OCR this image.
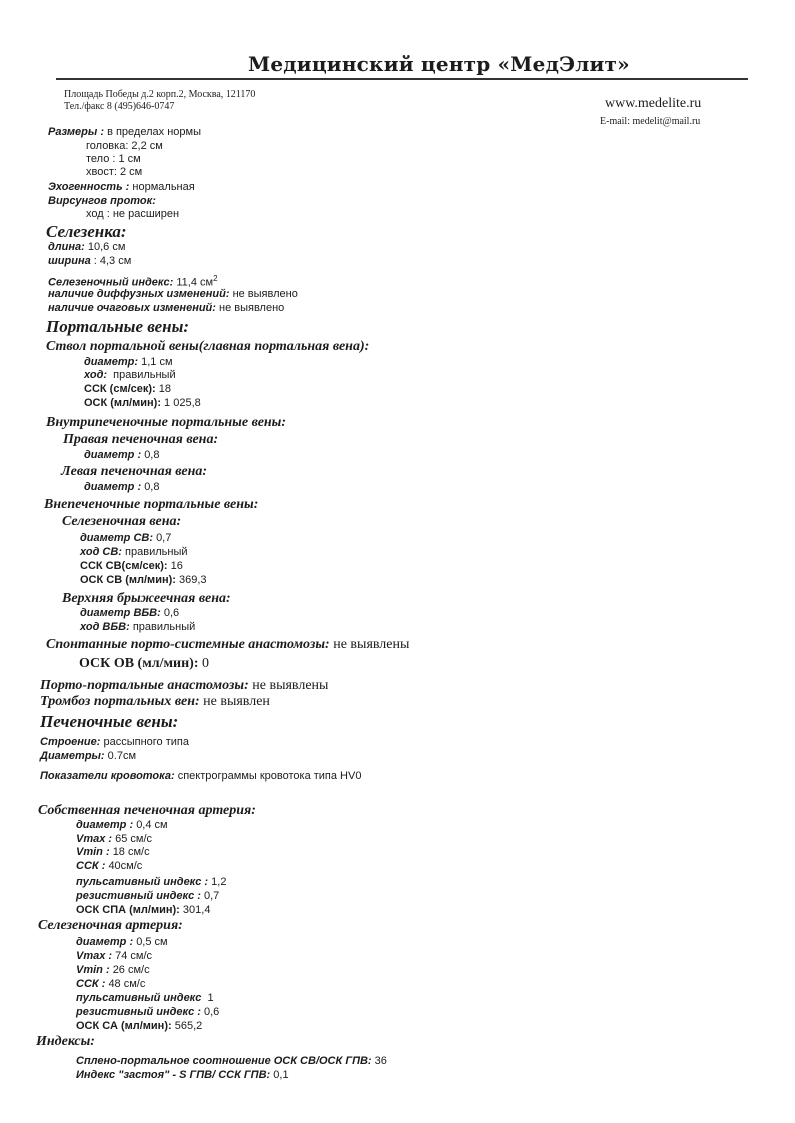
Медицинский центр «МедЭлит»
Площадь Победы д.2 корп.2, Москва, 121170
Тел./факс 8 (495)646-0747	www.medelite.ru
E-mail: medelit@mail.ru
Размеры : в пределах нормы
головка: 2,2 см
тело : 1 см
хвост: 2 см
Эхогенность : нормальная
Вирсунгов проток:
ход : не расширен
Селезенка:
длина: 10,6 см
ширина : 4,3 см
Селезеночный индекс: 11,4 $см^2$
наличие диффузных изменений: не выявлено
наличие очаговых изменений: не выявлено
Портальные вены:
Ствол портальной вены(главная портальная вена):
диаметр: 1,1 см
ход: правильный
ССК (см/сек): 18
ОСК (мл/мин): 1 025,8
Внутрипеченочные портальные вены:
Правая печеночная вена:
диаметр : 0,8
Левая печеночная вена:
диаметр : 0,8
Внепеченочные портальные вены:
Селезеночная вена:
диаметр СВ: 0,7
ход СВ: правильный
ССК СВ(см/сек): 16
ОСК СВ (мл/мин): 369,3
Верхняя брыжеечная вена:
диаметр ВБВ: 0,6
ход ВБВ: правильный
Спонтанные порто-системные анастомозы: не выявлены
ОСК ОВ (мл/мин): 0
Порто-портальные анастомозы: не выявлены
Тромбоз портальных вен: не выявлен
Печеночные вены:
Строение: рассыпного типа
Диаметры: 0.7см
Показатели кровотока: спектрограммы кровотока типа HV0
Собственная печеночная артерия:
диаметр : 0,4 см
Vmax : 65 см/с
Vmin : 18 см/с
ССК : 40см/с
пульсативный индекс : 1,2
резистивный индекс : 0,7
ОСК СПА (мл/мин): 301,4
Селезеночная артерия:
диаметр : 0,5 см
Vmax : 74 см/с
Vmin : 26 см/с
ССК : 48 см/с
пульсативный индекс 1
резистивный индекс : 0,6
ОСК СА (мл/мин): 565,2
Индексы:
Сплено-портальное соотношение ОСК СВ/ОСК ГПВ: 36
Индекс "застоя" - S ГПВ/ ССК ГПВ: 0,1
